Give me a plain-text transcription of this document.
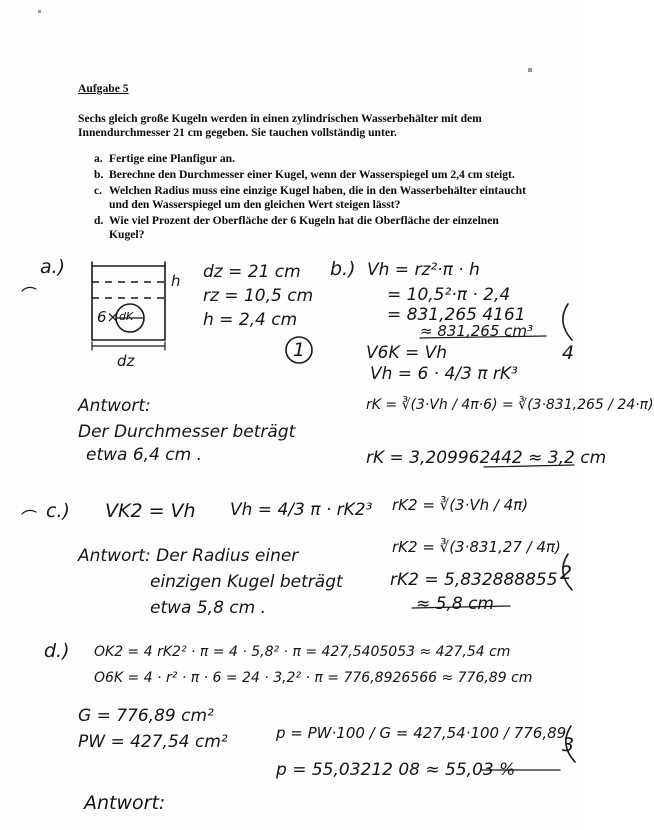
Aufgabe 5
Sechs gleich große Kugeln werden in einen zylindrischen Wasserbehälter mit dem Innendurchmesser 21 cm gegeben. Sie tauchen vollständig unter.
a. Fertige eine Planfigur an.
b. Berechne den Durchmesser einer Kugel, wenn der Wasserspiegel um 2,4 cm steigt.
c. Welchen Radius muss eine einzige Kugel haben, die in den Wasserbehälter eintaucht und den Wasserspiegel um den gleichen Wert steigen lässt?
d. Wie viel Prozent der Oberfläche der 6 Kugeln hat die Oberfläche der einzelnen Kugel?
a.)
h
6× dK
dz
dz = 21 cm
rz = 10,5 cm
h = 2,4 cm
1
b.) Vh = rz²·π · h
= 10,5²·π · 2,4
= 831,265 4161
≈ 831,265 cm³
V6K = Vh
Vh = 6 · 4/3 π rK³
rK = ∛(3·Vh / 4π·6) = ∛(3·831,265 / 24·π)
rK = 3,209962442 ≈ 3,2 cm
4
Antwort:
Der Durchmesser beträgt
etwa 6,4 cm .
c.) VK2 = Vh Vh = 4/3 π · rK2³ rK2 = ∛(3·Vh / 4π)
rK2 = ∛(3·831,27 / 4π)
rK2 = 5,832888855
≈ 5,8 cm
2
Antwort: Der Radius einer
einzigen Kugel beträgt
etwa 5,8 cm .
d.) OK2 = 4 rK2² · π = 4 · 5,8² · π = 427,5405053 ≈ 427,54 cm
O6K = 4 · r² · π · 6 = 24 · 3,2² · π = 776,8926566 ≈ 776,89 cm
G = 776,89 cm²
PW = 427,54 cm²	p = PW·100 / G = 427,54·100 / 776,89
p = 55,03212 08 ≈ 55,03 %
Antwort:
3
